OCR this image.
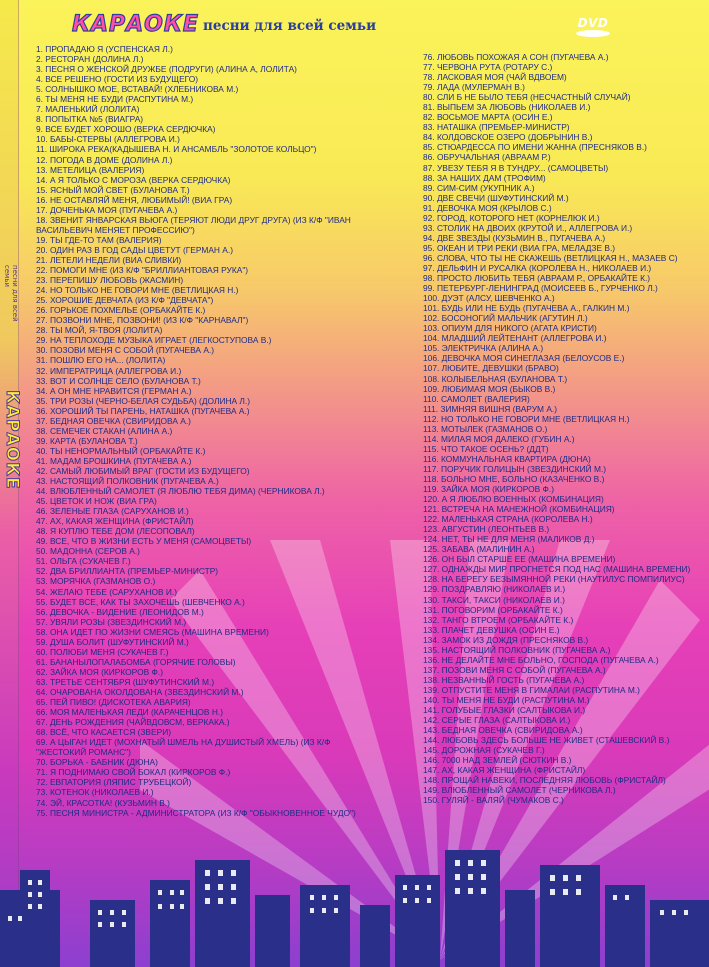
песни для всей семьи
КАРАОКЕ
КАРАОКЕ песни для всей семьи	DVD
1. ПРОПАДАЮ Я (УСПЕНСКАЯ Л.)
2. РЕСТОРАН (ДОЛИНА Л.)
3. ПЕСНЯ О ЖЕНСКОЙ ДРУЖБЕ (ПОДРУГИ) (АЛИНА А, ЛОЛИТА)
4. ВСЕ РЕШЕНО (ГОСТИ ИЗ БУДУЩЕГО)
5. СОЛНЫШКО МОЕ, ВСТАВАЙ! (ХЛЕБНИКОВА М.)
6. ТЫ МЕНЯ НЕ БУДИ (РАСПУТИНА М.)
7. МАЛЕНЬКИЙ (ЛОЛИТА)
8. ПОПЫТКА №5 (ВИАГРА)
9. ВСЕ БУДЕТ ХОРОШО (ВЕРКА СЕРДЮЧКА)
10. БАБЫ-СТЕРВЫ (АЛЛЕГРОВА И.)
11. ШИРОКА РЕКА(КАДЫШЕВА Н. И АНСАМБЛЬ "ЗОЛОТОЕ КОЛЬЦО")
12. ПОГОДА В ДОМЕ (ДОЛИНА Л.)
13. МЕТЕЛИЦА (ВАЛЕРИЯ)
14. А Я ТОЛЬКО С МОРОЗА (ВЕРКА СЕРДЮЧКА)
15. ЯСНЫЙ МОЙ СВЕТ (БУЛАНОВА Т.)
16. НЕ ОСТАВЛЯЙ МЕНЯ, ЛЮБИМЫЙ! (ВИА ГРА)
17. ДОЧЕНЬКА МОЯ (ПУГАЧЕВА А.)
18. ЗВЕНИТ ЯНВАРСКАЯ ВЬЮГА (ТЕРЯЮТ ЛЮДИ ДРУГ ДРУГА) (ИЗ К/Ф "ИВАН ВАСИЛЬЕВИЧ МЕНЯЕТ ПРОФЕССИЮ")
19. ТЫ ГДЕ-ТО ТАМ (ВАЛЕРИЯ)
20. ОДИН РАЗ В ГОД САДЫ ЦВЕТУТ (ГЕРМАН А.)
21. ЛЕТЕЛИ НЕДЕЛИ (ВИА СЛИВКИ)
22. ПОМОГИ МНЕ (ИЗ К/Ф "БРИЛЛИАНТОВАЯ РУКА")
23. ПЕРЕПИШУ ЛЮБОВЬ (ЖАСМИН)
24. НО ТОЛЬКО НЕ ГОВОРИ МНЕ (ВЕТЛИЦКАЯ Н.)
25. ХОРОШИЕ ДЕВЧАТА (ИЗ К/Ф "ДЕВЧАТА")
26. ГОРЬКОЕ ПОХМЕЛЬЕ (ОРБАКАЙТЕ К.)
27. ПОЗВОНИ МНЕ, ПОЗВОНИ! (ИЗ К/Ф "КАРНАВАЛ")
28. ТЫ МОЙ, Я-ТВОЯ (ЛОЛИТА)
29. НА ТЕПЛОХОДЕ МУЗЫКА ИГРАЕТ (ЛЕГКОСТУПОВА В.)
30. ПОЗОВИ МЕНЯ С СОБОЙ (ПУГАЧЕВА А.)
31. ПОШЛЮ ЕГО НА... (ЛОЛИТА)
32. ИМПЕРАТРИЦА (АЛЛЕГРОВА И.)
33. ВОТ И СОЛНЦЕ СЕЛО (БУЛАНОВА Т.)
34. А ОН МНЕ НРАВИТСЯ (ГЕРМАН А.)
35. ТРИ РОЗЫ (ЧЕРНО-БЕЛАЯ СУДЬБА) (ДОЛИНА Л.)
36. ХОРОШИЙ ТЫ ПАРЕНЬ, НАТАШКА (ПУГАЧЕВА А.)
37. БЕДНАЯ ОВЕЧКА (СВИРИДОВА А.)
38. СЕМЕЧЕК СТАКАН (АЛИНА А.)
39. КАРТА (БУЛАНОВА Т.)
40. ТЫ НЕНОРМАЛЬНЫЙ (ОРБАКАЙТЕ К.)
41. МАДАМ БРОШКИНА (ПУГАЧЕВА А.)
42. САМЫЙ ЛЮБИМЫЙ ВРАГ (ГОСТИ ИЗ БУДУЩЕГО)
43. НАСТОЯЩИЙ ПОЛКОВНИК (ПУГАЧЕВА А.)
44. ВЛЮБЛЕННЫЙ САМОЛЕТ (Я ЛЮБЛЮ ТЕБЯ ДИМА) (ЧЕРНИКОВА Л.)
45. ЦВЕТОК И НОЖ (ВИА ГРА)
46. ЗЕЛЕНЫЕ ГЛАЗА (САРУХАНОВ И.)
47. АХ, КАКАЯ ЖЕНЩИНА (ФРИСТАЙЛ)
48. Я КУПЛЮ ТЕБЕ ДОМ (ЛЕСОПОВАЛ)
49. ВСЕ, ЧТО В ЖИЗНИ ЕСТЬ У МЕНЯ (САМОЦВЕТЫ)
50. МАДОННА (СЕРОВ А.)
51. ОЛЬГА (СУКАЧЕВ Г.)
52. ДВА БРИЛЛИАНТА (ПРЕМЬЕР-МИНИСТР)
53. МОРЯЧКА (ГАЗМАНОВ О.)
54. ЖЕЛАЮ ТЕБЕ (САРУХАНОВ И.)
55. БУДЕТ ВСЕ, КАК ТЫ ЗАХОЧЕШЬ (ШЕВЧЕНКО А.)
56. ДЕВОЧКА - ВИДЕНИЕ (ЛЕОНИДОВ М.)
57. УВЯЛИ РОЗЫ (ЗВЕЗДИНСКИЙ М.)
58. ОНА ИДЕТ ПО ЖИЗНИ СМЕЯСЬ (МАШИНА ВРЕМЕНИ)
59. ДУША БОЛИТ (ШУФУТИНСКИЙ М.)
60. ПОЛЮБИ МЕНЯ (СУКАЧЕВ Г.)
61. БАНАНЫЛОПАЛАБОМБА (ГОРЯЧИЕ ГОЛОВЫ)
62. ЗАЙКА МОЯ (КИРКОРОВ Ф.)
63. ТРЕТЬЕ СЕНТЯБРЯ (ШУФУТИНСКИЙ М.)
64. ОЧАРОВАНА ОКОЛДОВАНА (ЗВЕЗДИНСКИЙ М.)
65. ПЕЙ ПИВО! (ДИСКОТЕКА АВАРИЯ)
66. МОЯ МАЛЕНЬКАЯ ЛЕДИ (КАРАЧЕНЦОВ Н.)
67. ДЕНЬ РОЖДЕНИЯ (ЧАЙВДОВСМ, ВЕРКАКА.)
68. ВСЁ, ЧТО КАСАЕТСЯ (ЗВЕРИ)
69. А ЦЫГАН ИДЕТ (МОХНАТЫЙ ШМЕЛЬ НА ДУШИСТЫЙ ХМЕЛЬ) (ИЗ К/Ф "ЖЕСТОКИЙ РОМАНС")
70. БОРЬКА - БАБНИК (ДЮНА)
71. Я ПОДНИМАЮ СВОЙ БОКАЛ (КИРКОРОВ Ф.)
72. ЕВПАТОРИЯ (ЛЯПИС ТРУБЕЦКОЙ)
73. КОТЕНОК (НИКОЛАЕВ И.)
74. ЭЙ, КРАСОТКА! (КУЗЬМИН В.)
75. ПЕСНЯ МИНИСТРА - АДМИНИСТРАТОРА (ИЗ К/Ф "ОБЫКНОВЕННОЕ ЧУДО")
76. ЛЮБОВЬ ПОХОЖАЯ А СОН (ПУГАЧЕВА А.)
77. ЧЕРВОНА РУТА (РОТАРУ С.)
78. ЛАСКОВАЯ МОЯ (ЧАЙ ВДВОЕМ)
79. ЛАДА (МУЛЕРМАН В.)
80. СЛИ Б НЕ БЫЛО ТЕБЯ (НЕСЧАСТНЫЙ СЛУЧАЙ)
81. ВЫПЬЕМ ЗА ЛЮБОВЬ (НИКОЛАЕВ И.)
82. ВОСЬМОЕ МАРТА (ОСИН Е.)
83. НАТАШКА (ПРЕМЬЕР-МИНИСТР)
84. КОЛДОВСКОЕ ОЗЕРО (ДОБРЫНИН В.)
85. СТЮАРДЕССА ПО ИМЕНИ ЖАННА (ПРЕСНЯКОВ В.)
86. ОБРУЧАЛЬНАЯ (АВРААМ Р.)
87. УВЕЗУ ТЕБЯ Я В ТУНДРУ... (САМОЦВЕТЫ)
88. ЗА НАШИХ ДАМ (ТРОФИМ)
89. СИМ-СИМ (УКУПНИК А.)
90. ДВЕ СВЕЧИ (ШУФУТИНСКИЙ М.)
91. ДЕВОЧКА МОЯ (КРЫЛОВ С.)
92. ГОРОД, КОТОРОГО НЕТ (КОРНЕЛЮК И.)
93. СТОЛИК НА ДВОИХ (КРУТОЙ И., АЛЛЕГРОВА И.)
94. ДВЕ ЗВЕЗДЫ (КУЗЬМИН В., ПУГАЧЕВА А.)
95. ОКЕАН И ТРИ РЕКИ (ВИА ГРА, МЕЛАДЗЕ В.)
96. СЛОВА, ЧТО ТЫ НЕ СКАЖЕШЬ (ВЕТЛИЦКАЯ Н., МАЗАЕВ С)
97. ДЕЛЬФИН И РУСАЛКА (КОРОЛЕВА Н., НИКОЛАЕВ И.)
98. ПРОСТО ЛЮБИТЬ ТЕБЯ (АВРААМ Р., ОРБАКАЙТЕ К.)
99. ПЕТЕРБУРГ-ЛЕНИНГРАД (МОИСЕЕВ Б., ГУРЧЕНКО Л.)
100. ДУЭТ (АЛСУ, ШЕВЧЕНКО А.)
101. БУДЬ ИЛИ НЕ БУДЬ (ПУГАЧЕВА А., ГАЛКИН М.)
102. БОСОНОГИЙ МАЛЬЧИК (АГУТИН Л.)
103. ОПИУМ ДЛЯ НИКОГО (АГАТА КРИСТИ)
104. МЛАДШИЙ ЛЕЙТЕНАНТ (АЛЛЕГРОВА И.)
105. ЭЛЕКТРИЧКА (АЛИНА А.)
106. ДЕВОЧКА МОЯ СИНЕГЛАЗАЯ (БЕЛОУСОВ Е.)
107. ЛЮБИТЕ, ДЕВУШКИ (БРАВО)
108. КОЛЫБЕЛЬНАЯ (БУЛАНОВА Т.)
109. ЛЮБИМАЯ МОЯ (БЫКОВ В.)
110. САМОЛЕТ (ВАЛЕРИЯ)
111. ЗИМНЯЯ ВИШНЯ (ВАРУМ А.)
112. НО ТОЛЬКО НЕ ГОВОРИ МНЕ (ВЕТЛИЦКАЯ Н.)
113. МОТЫЛЕК (ГАЗМАНОВ О.)
114. МИЛАЯ МОЯ ДАЛЕКО (ГУБИН А.)
115. ЧТО ТАКОЕ ОСЕНЬ? (ДДТ)
116. КОММУНАЛЬНАЯ КВАРТИРА (ДЮНА)
117. ПОРУЧИК ГОЛИЦЫН (ЗВЕЗДИНСКИЙ М.)
118. БОЛЬНО МНЕ, БОЛЬНО (КАЗАЧЕНКО В.)
119. ЗАЙКА МОЯ (КИРКОРОВ Ф.)
120. А Я ЛЮБЛЮ ВОЕННЫХ (КОМБИНАЦИЯ)
121. ВСТРЕЧА НА МАНЕЖНОЙ (КОМБИНАЦИЯ)
122. МАЛЕНЬКАЯ СТРАНА (КОРОЛЕВА Н.)
123. АВГУСТИН (ЛЕОНТЬЕВ В.)
124. НЕТ, ТЫ НЕ ДЛЯ МЕНЯ (МАЛИКОВ Д.)
125. ЗАБАВА (МАЛИНИН А.)
126. ОН БЫЛ СТАРШЕ ЕЕ (МАШИНА ВРЕМЕНИ)
127. ОДНАЖДЫ МИР ПРОГНЕТСЯ ПОД НАС (МАШИНА ВРЕМЕНИ)
128. НА БЕРЕГУ БЕЗЫМЯННОЙ РЕКИ (НАУТИЛУС ПОМПИЛИУС)
129. ПОЗДРАВЛЯЮ (НИКОЛАЕВ И.)
130. ТАКСИ, ТАКСИ (НИКОЛАЕВ И.)
131. ПОГОВОРИМ (ОРБАКАЙТЕ К.)
132. ТАНГО ВТРОЕМ (ОРБАКАЙТЕ К.)
133. ПЛАЧЕТ ДЕВУШКА (ОСИН Е.)
134. ЗАМОК ИЗ ДОЖДЯ (ПРЕСНЯКОВ В.)
135. НАСТОЯЩИЙ ПОЛКОВНИК (ПУГАЧЕВА А.)
136. НЕ ДЕЛАЙТЕ МНЕ БОЛЬНО, ГОСПОДА (ПУГАЧЕВА А.)
137. ПОЗОВИ МЕНЯ С СОБОЙ (ПУГАЧЕВА А.)
138. НЕЗВАННЫЙ ГОСТЬ (ПУГАЧЕВА А.)
139. ОТПУСТИТЕ МЕНЯ В ГИМАЛАИ (РАСПУТИНА М.)
140. ТЫ МЕНЯ НЕ БУДИ (РАСПУТИНА М.)
141. ГОЛУБЫЕ ГЛАЗКИ (САЛТЫКОВА И.)
142. СЕРЫЕ ГЛАЗА (САЛТЫКОВА И.)
143. БЕДНАЯ ОВЕЧКА (СВИРИДОВА А.)
144. ЛЮБОВЬ ЗДЕСЬ БОЛЬШЕ НЕ ЖИВЕТ (СТАШЕВСКИЙ В.)
145. ДОРОЖНАЯ (СУКАЧЕВ Г.)
146. 7000 НАД ЗЕМЛЕЙ (СЮТКИН В.)
147. АХ, КАКАЯ ЖЕНЩИНА (ФРИСТАЙЛ)
148. ПРОЩАЙ НАВЕКИ, ПОСЛЕДНЯЯ ЛЮБОВЬ (ФРИСТАЙЛ)
149. ВЛЮБЛЕННЫЙ САМОЛЕТ (ЧЕРНИКОВА Л.)
150. ГУЛЯЙ - ВАЛЯЙ (ЧУМАКОВ С.)
